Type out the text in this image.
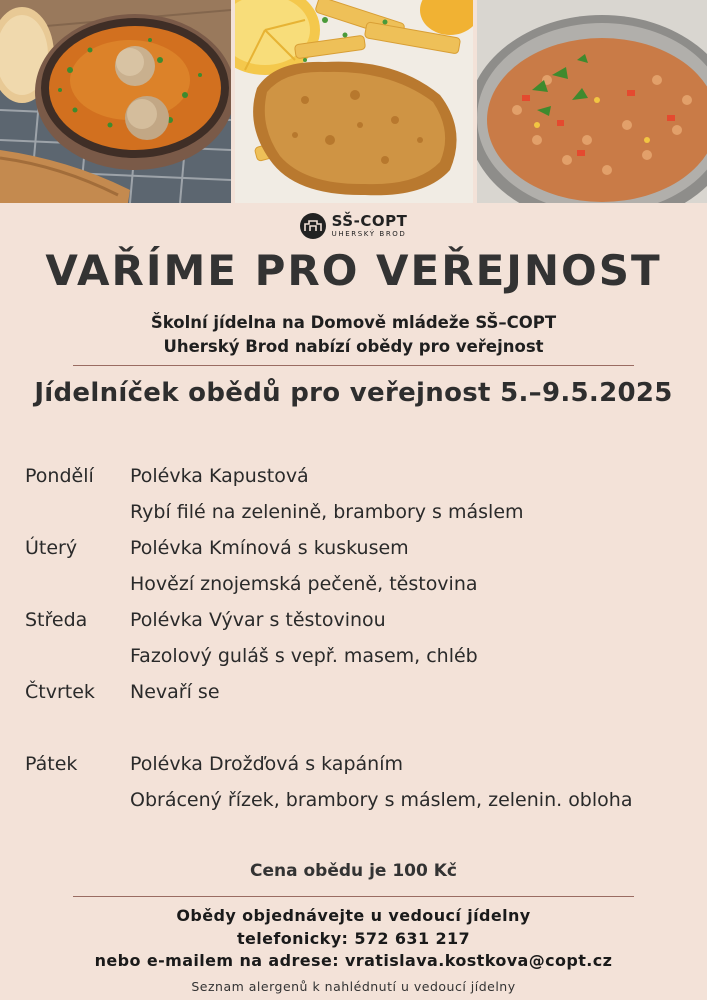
SŠ-COPT
UHERSKÝ BROD
VAŘÍME PRO VEŘEJNOST
Školní jídelna na Domově mládeže SŠ–COPT
Uherský Brod nabízí obědy pro veřejnost
Jídelníček obědů pro veřejnost 5.–9.5.2025
Pondělí	Polévka Kapustová
Rybí filé na zelenině, brambory s máslem
Úterý	Polévka Kmínová s kuskusem
Hovězí znojemská pečeně, těstovina
Středa	Polévka Vývar s těstovinou
Fazolový guláš s vepř. masem, chléb
Čtvrtek	Nevaří se
Pátek	Polévka Drožďová s kapáním
Obrácený řízek, brambory s máslem, zelenin. obloha
Cena obědu je 100 Kč
Obědy objednávejte u vedoucí jídelny
telefonicky: 572 631 217
nebo e-mailem na adrese: vratislava.kostkova@copt.cz
Seznam alergenů k nahlédnutí u vedoucí jídelny
